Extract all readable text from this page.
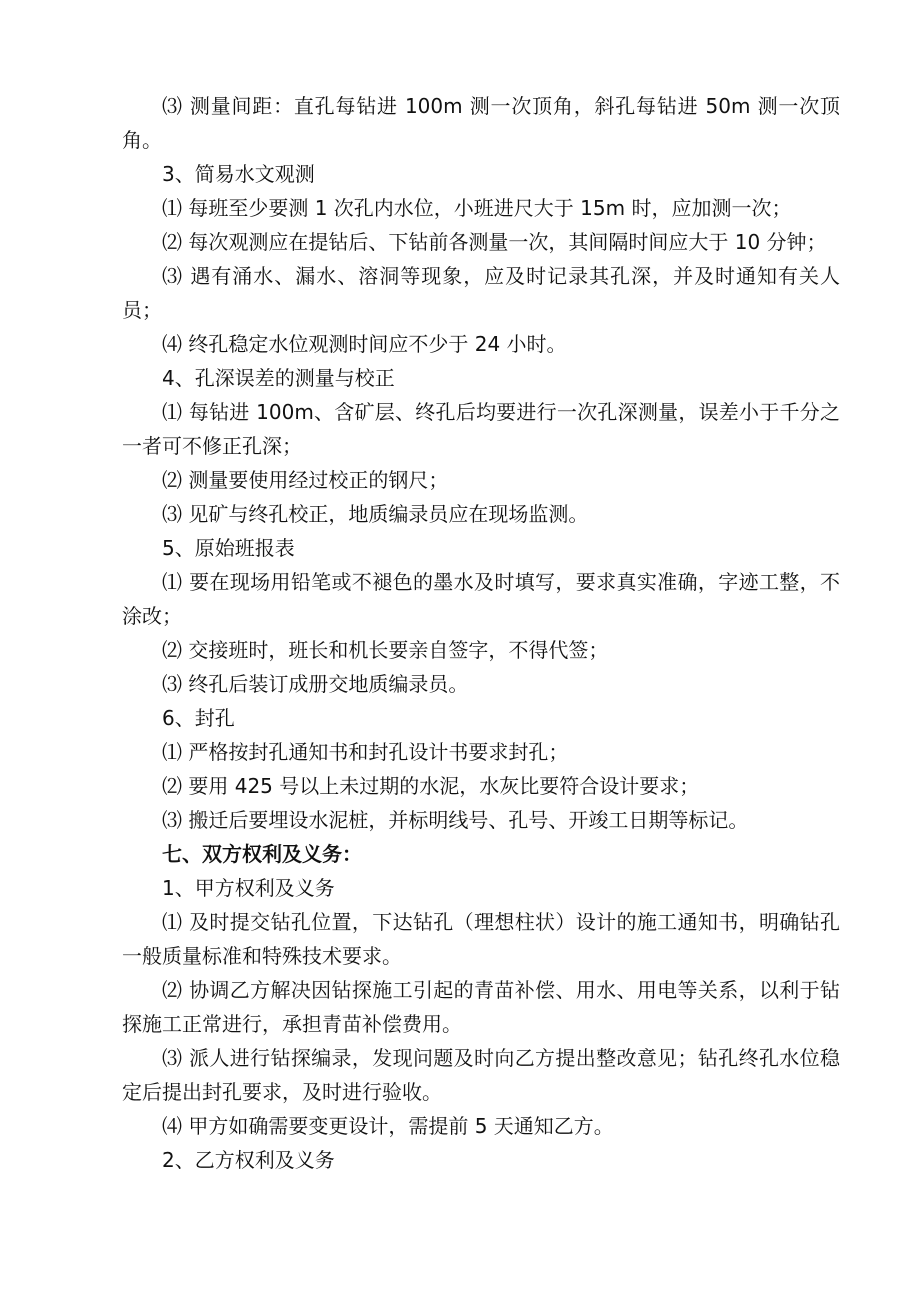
⑶ 测量间距：直孔每钻进 100m 测一次顶角，斜孔每钻进 50m 测一次顶角。

3、简易水文观测

⑴ 每班至少要测 1 次孔内水位，小班进尺大于 15m 时，应加测一次；

⑵ 每次观测应在提钻后、下钻前各测量一次，其间隔时间应大于 10 分钟；

⑶ 遇有涌水、漏水、溶洞等现象，应及时记录其孔深，并及时通知有关人员；

⑷ 终孔稳定水位观测时间应不少于 24 小时。

4、孔深误差的测量与校正

⑴ 每钻进 100m、含矿层、终孔后均要进行一次孔深测量，误差小于千分之一者可不修正孔深；

⑵ 测量要使用经过校正的钢尺；

⑶ 见矿与终孔校正，地质编录员应在现场监测。

5、原始班报表

⑴ 要在现场用铅笔或不褪色的墨水及时填写，要求真实准确，字迹工整，不涂改；

⑵ 交接班时，班长和机长要亲自签字，不得代签；

⑶ 终孔后装订成册交地质编录员。

6、封孔

⑴ 严格按封孔通知书和封孔设计书要求封孔；

⑵ 要用 425 号以上未过期的水泥，水灰比要符合设计要求；

⑶ 搬迁后要埋设水泥桩，并标明线号、孔号、开竣工日期等标记。

七、双方权利及义务：

1、甲方权利及义务

⑴ 及时提交钻孔位置，下达钻孔（理想柱状）设计的施工通知书，明确钻孔一般质量标准和特殊技术要求。

⑵ 协调乙方解决因钻探施工引起的青苗补偿、用水、用电等关系，以利于钻探施工正常进行，承担青苗补偿费用。

⑶ 派人进行钻探编录，发现问题及时向乙方提出整改意见；钻孔终孔水位稳定后提出封孔要求，及时进行验收。

⑷ 甲方如确需要变更设计，需提前 5 天通知乙方。

2、乙方权利及义务
